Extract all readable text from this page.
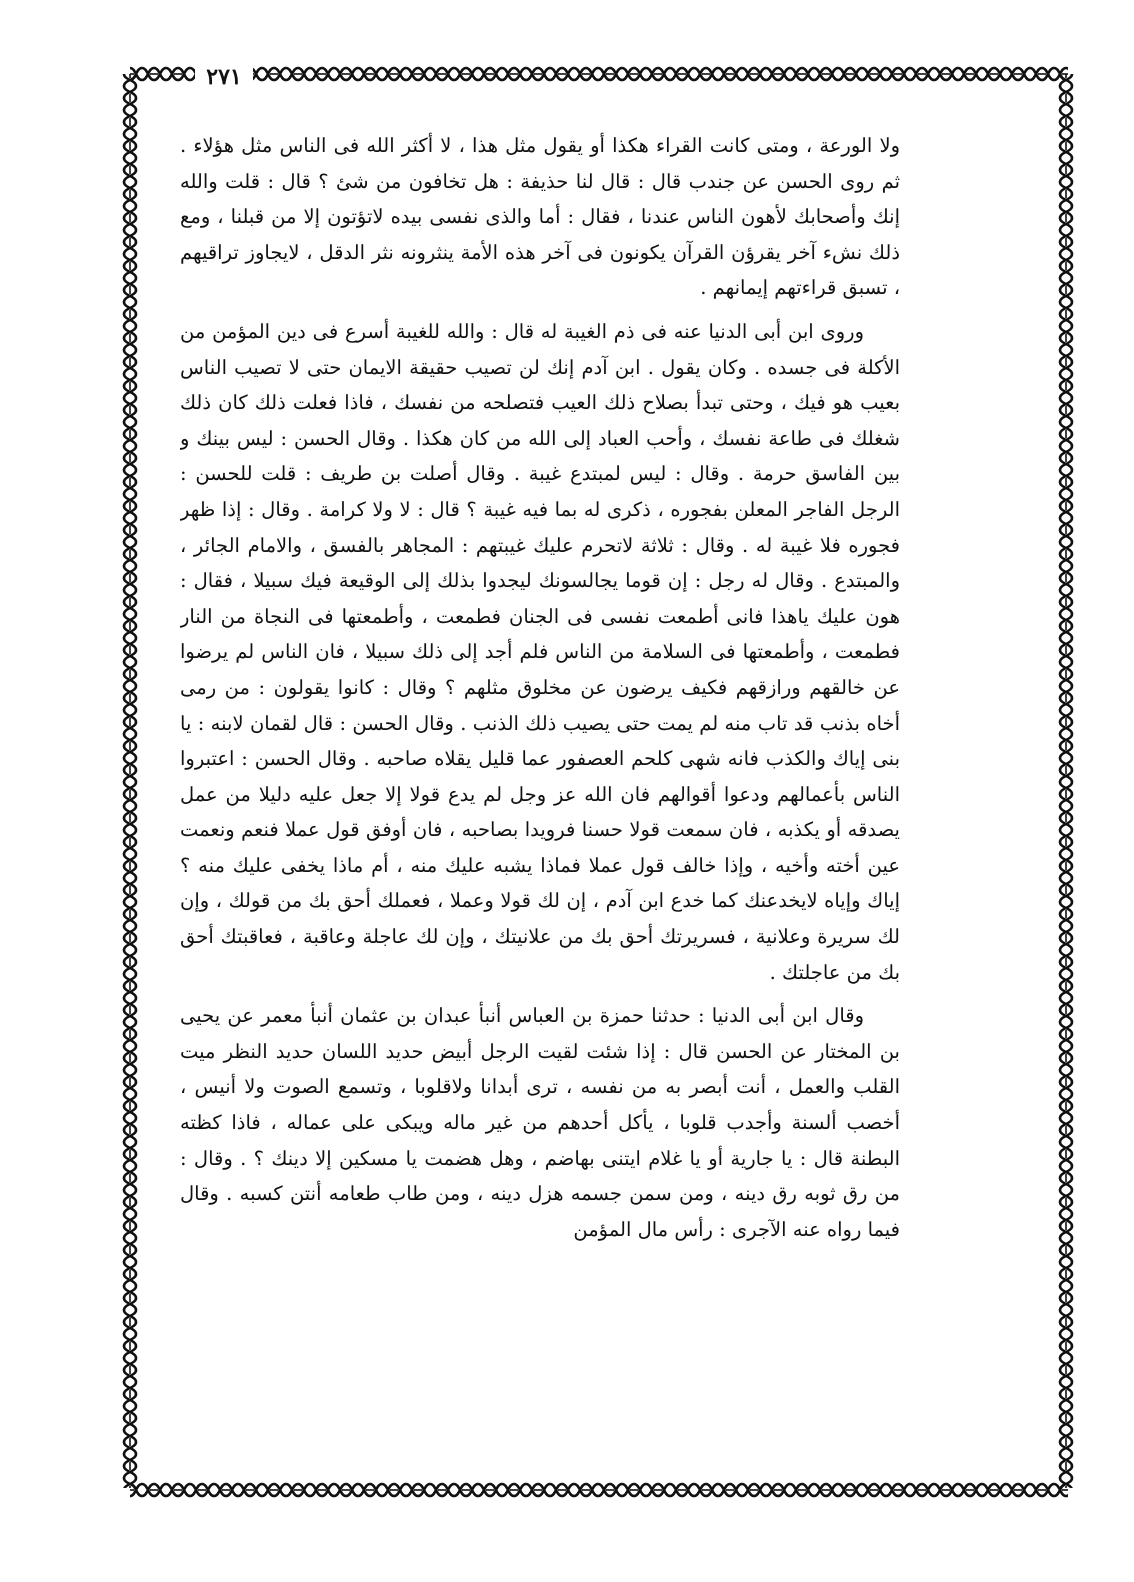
٢٧١

ولا الورعة ، ومتى كانت القراء هكذا أو يقول مثل هذا ، لا أكثر الله فى الناس مثل هؤلاء . ثم روى الحسن عن جندب قال : قال لنا حذيفة : هل تخافون من شئ ؟ قال : قلت والله إنك وأصحابك لأهون الناس عندنا ، فقال : أما والذى نفسى بيده لاتؤتون إلا من قبلنا ، ومع ذلك نشء آخر يقرؤن القرآن يكونون فى آخر هذه الأمة ينثرونه نثر الدقل ، لايجاوز تراقيهم ، تسبق قراءتهم إيمانهم .

وروى ابن أبى الدنيا عنه فى ذم الغيبة له قال : والله للغيبة أسرع فى دين المؤمن من الأكلة فى جسده . وكان يقول . ابن آدم إنك لن تصيب حقيقة الايمان حتى لا تصيب الناس بعيب هو فيك ، وحتى تبدأ بصلاح ذلك العيب فتصلحه من نفسك ، فاذا فعلت ذلك كان ذلك شغلك فى طاعة نفسك ، وأحب العباد إلى الله من كان هكذا . وقال الحسن : ليس بينك و بين الفاسق حرمة . وقال : ليس لمبتدع غيبة . وقال أصلت بن طريف : قلت للحسن : الرجل الفاجر المعلن بفجوره ، ذكرى له بما فيه غيبة ؟ قال : لا ولا كرامة . وقال : إذا ظهر فجوره فلا غيبة له . وقال : ثلاثة لاتحرم عليك غيبتهم : المجاهر بالفسق ، والامام الجائر ، والمبتدع . وقال له رجل : إن قوما يجالسونك ليجدوا بذلك إلى الوقيعة فيك سبيلا ، فقال : هون عليك ياهذا فانى أطمعت نفسى فى الجنان فطمعت ، وأطمعتها فى النجاة من النار فطمعت ، وأطمعتها فى السلامة من الناس فلم أجد إلى ذلك سبيلا ، فان الناس لم يرضوا عن خالقهم ورازقهم فكيف يرضون عن مخلوق مثلهم ؟ وقال : كانوا يقولون : من رمى أخاه بذنب قد تاب منه لم يمت حتى يصيب ذلك الذنب . وقال الحسن : قال لقمان لابنه : يا بنى إياك والكذب فانه شهى كلحم العصفور عما قليل يقلاه صاحبه . وقال الحسن : اعتبروا الناس بأعمالهم ودعوا أقوالهم فان الله عز وجل لم يدع قولا إلا جعل عليه دليلا من عمل يصدقه أو يكذبه ، فان سمعت قولا حسنا فرويدا بصاحبه ، فان أوفق قول عملا فنعم ونعمت عين أخته وأخيه ، وإذا خالف قول عملا فماذا يشبه عليك منه ، أم ماذا يخفى عليك منه ؟ إياك وإياه لايخدعنك كما خدع ابن آدم ، إن لك قولا وعملا ، فعملك أحق بك من قولك ، وإن لك سريرة وعلانية ، فسريرتك أحق بك من علانيتك ، وإن لك عاجلة وعاقبة ، فعاقبتك أحق بك من عاجلتك .

وقال ابن أبى الدنيا : حدثنا حمزة بن العباس أنبأ عبدان بن عثمان أنبأ معمر عن يحيى بن المختار عن الحسن قال : إذا شئت لقيت الرجل أبيض حديد اللسان حديد النظر ميت القلب والعمل ، أنت أبصر به من نفسه ، ترى أبدانا ولاقلوبا ، وتسمع الصوت ولا أنيس ، أخصب ألسنة وأجدب قلوبا ، يأكل أحدهم من غير ماله ويبكى على عماله ، فاذا كظته البطنة قال : يا جارية أو يا غلام ايتنى بهاضم ، وهل هضمت يا مسكين إلا دينك ؟ . وقال : من رق ثوبه رق دينه ، ومن سمن جسمه هزل دينه ، ومن طاب طعامه أنتن كسبه . وقال فيما رواه عنه الآجرى : رأس مال المؤمن
